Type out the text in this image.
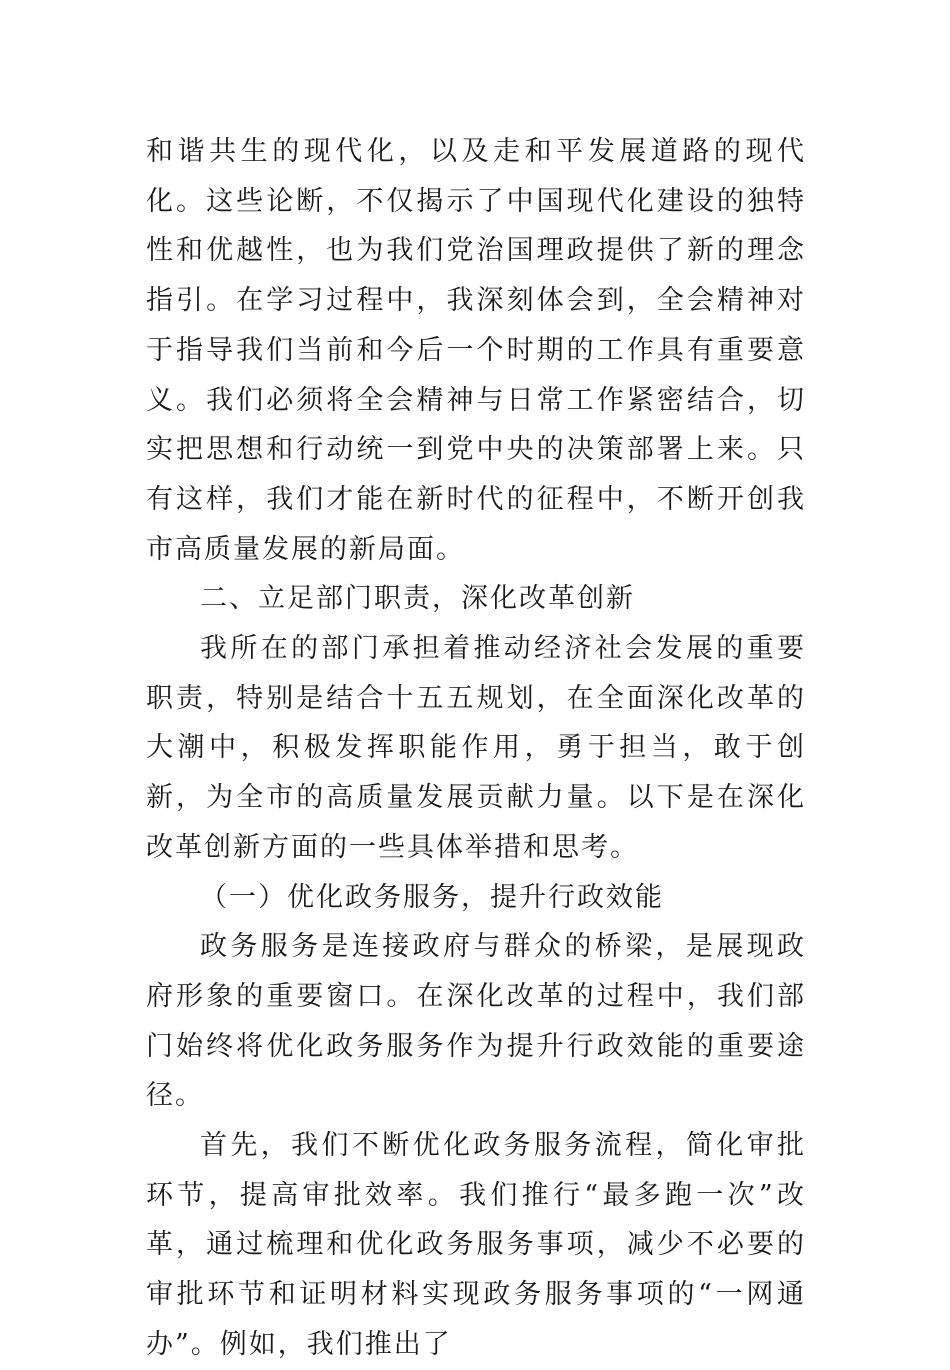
和谐共生的现代化，以及走和平发展道路的现代化。这些论断，不仅揭示了中国现代化建设的独特性和优越性，也为我们党治国理政提供了新的理念指引。在学习过程中，我深刻体会到，全会精神对于指导我们当前和今后一个时期的工作具有重要意义。我们必须将全会精神与日常工作紧密结合，切实把思想和行动统一到党中央的决策部署上来。只有这样，我们才能在新时代的征程中，不断开创我市高质量发展的新局面。

二、立足部门职责，深化改革创新

我所在的部门承担着推动经济社会发展的重要职责，特别是结合十五五规划，在全面深化改革的大潮中，积极发挥职能作用，勇于担当，敢于创新，为全市的高质量发展贡献力量。以下是在深化改革创新方面的一些具体举措和思考。

（一）优化政务服务，提升行政效能

政务服务是连接政府与群众的桥梁，是展现政府形象的重要窗口。在深化改革的过程中，我们部门始终将优化政务服务作为提升行政效能的重要途径。

首先，我们不断优化政务服务流程，简化审批环节，提高审批效率。我们推行“最多跑一次”改革，通过梳理和优化政务服务事项，减少不必要的审批环节和证明材料实现政务服务事项的“一网通办”。例如，我们推出了
